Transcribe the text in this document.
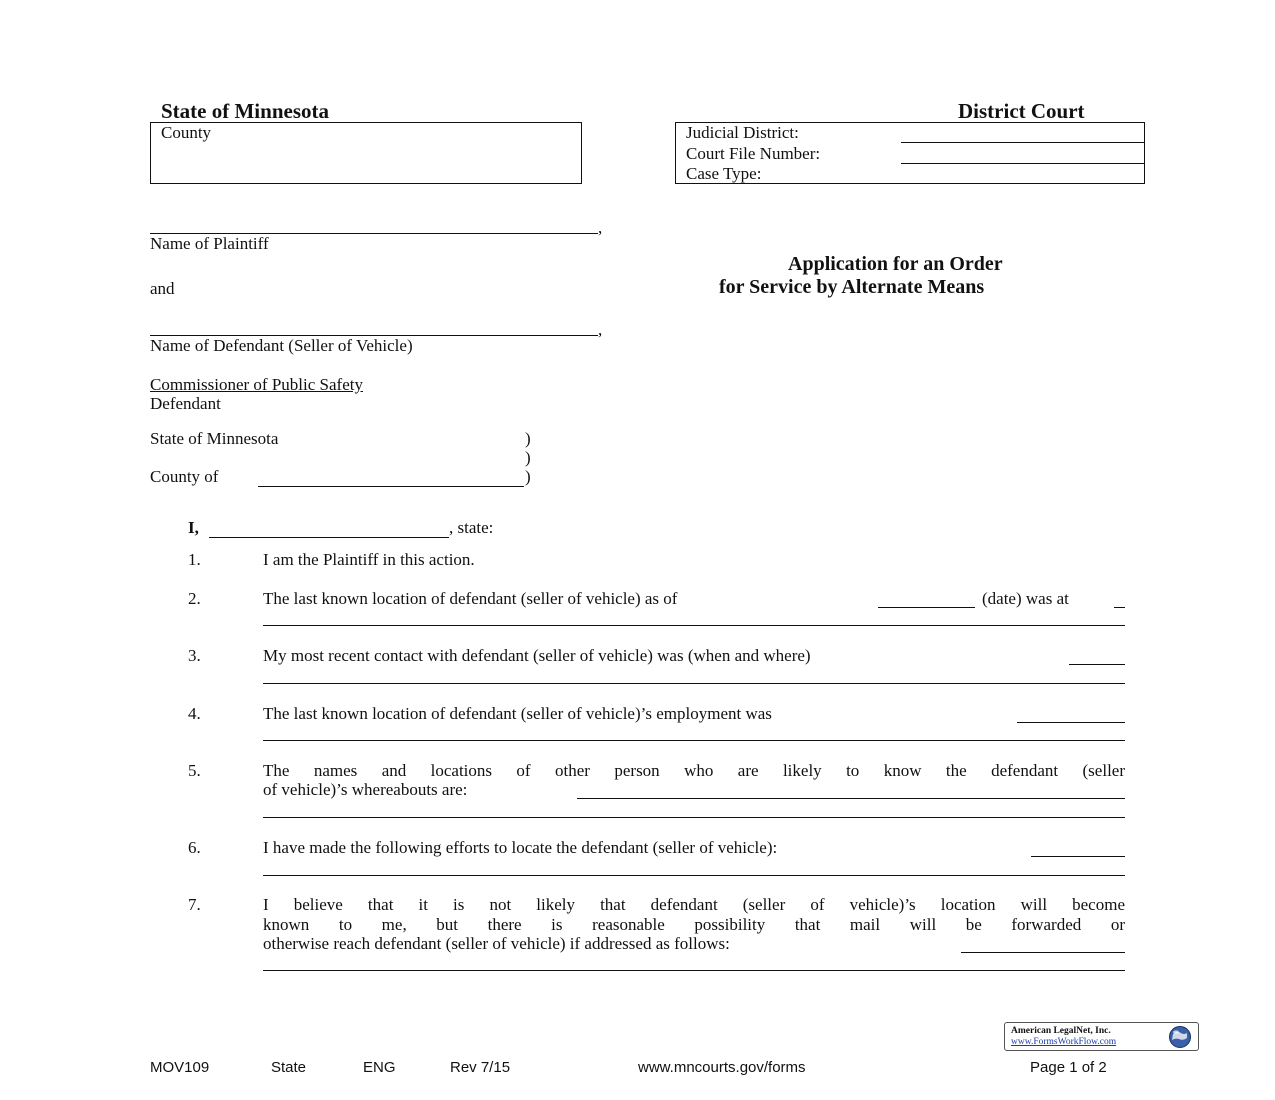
State of Minnesota	District Court
County	Judicial District:
Court File Number:
Case Type:
,
Name of Plaintiff
and
,
Name of Defendant (Seller of Vehicle)
Commissioner of Public Safety
Defendant
Application for an Order
for Service by Alternate Means
State of Minnesota	)
)
County of	)
I,	, state:
1.	I am the Plaintiff in this action.
2.	The last known location of defendant (seller of vehicle) as of	(date) was at
3.	My most recent contact with defendant (seller of vehicle) was (when and where)
4.	The last known location of defendant (seller of vehicle)’s employment was
5.	The names and locations of other person who are likely to know the defendant (seller
of vehicle)’s whereabouts are:
6.	I have made the following efforts to locate the defendant (seller of vehicle):
7.	I believe that it is not likely that defendant (seller of vehicle)’s location will become
known to me, but there is reasonable possibility that mail will be forwarded or
otherwise reach defendant (seller of vehicle) if addressed as follows:
American LegalNet, Inc.
www.FormsWorkFlow.com
MOV109	State	ENG	Rev 7/15	www.mncourts.gov/forms	Page 1 of 2
